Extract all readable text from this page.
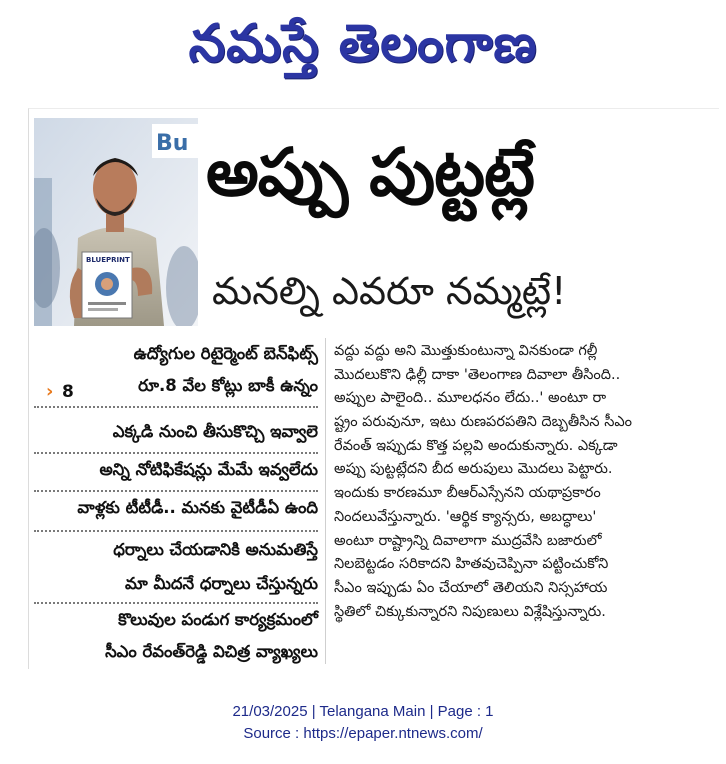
నమస్తే తెలంగాణ
Bu
BLUEPRINT
అప్పు పుట్టట్లే
మనల్ని ఎవరూ నమ్మట్లే!
ఉద్యోగుల రిటైర్మెంట్ బెన్‌ఫిట్స్
› 8	రూ.8 వేల కోట్లు బాకీ ఉన్నం
ఎక్కడి నుంచి తీసుకొచ్చి ఇవ్వాలె
అన్ని నోటిఫికేషన్లు మేమే ఇవ్వలేదు
వాళ్లకు టీటీడీ.. మనకు వైటీడీఏ ఉంది
ధర్నాలు చేయడానికి అనుమతిస్తే
మా మీదనే ధర్నాలు చేస్తున్నరు
కొలువుల పండుగ కార్యక్రమంలో
సీఎం రేవంత్‌రెడ్డి విచిత్ర వ్యాఖ్యలు
వద్దు వద్దు అని మొత్తుకుంటున్నా వినకుండా గల్లీ
మొదలుకొని ఢిల్లీ దాకా 'తెలంగాణ దివాలా తీసింది..
అప్పుల పాలైంది.. మూలధనం లేదు..' అంటూ రా
ష్ట్రం పరువునూ, ఇటు రుణపరపతిని దెబ్బతీసిన సీఎం
రేవంత్ ఇప్పుడు కొత్త పల్లవి అందుకున్నారు. ఎక్కడా
అప్పు పుట్టట్లేదని బీద అరుపులు మొదలు పెట్టారు.
ఇందుకు కారణమూ బీఆర్‌ఎస్సేనని యథాప్రకారం
నిందలువేస్తున్నారు. 'ఆర్థిక క్యాన్సరు, అబద్ధాలు'
అంటూ రాష్ట్రాన్ని దివాలాగా ముద్రవేసి బజారులో
నిలబెట్టడం సరికాదని హితవుచెప్పినా పట్టించుకోని
సీఎం ఇప్పుడు ఏం చేయాలో తెలియని నిస్సహాయ
స్థితిలో చిక్కుకున్నారని నిపుణులు విశ్లేషిస్తున్నారు.
21/03/2025 | Telangana Main | Page : 1
Source : https://epaper.ntnews.com/
